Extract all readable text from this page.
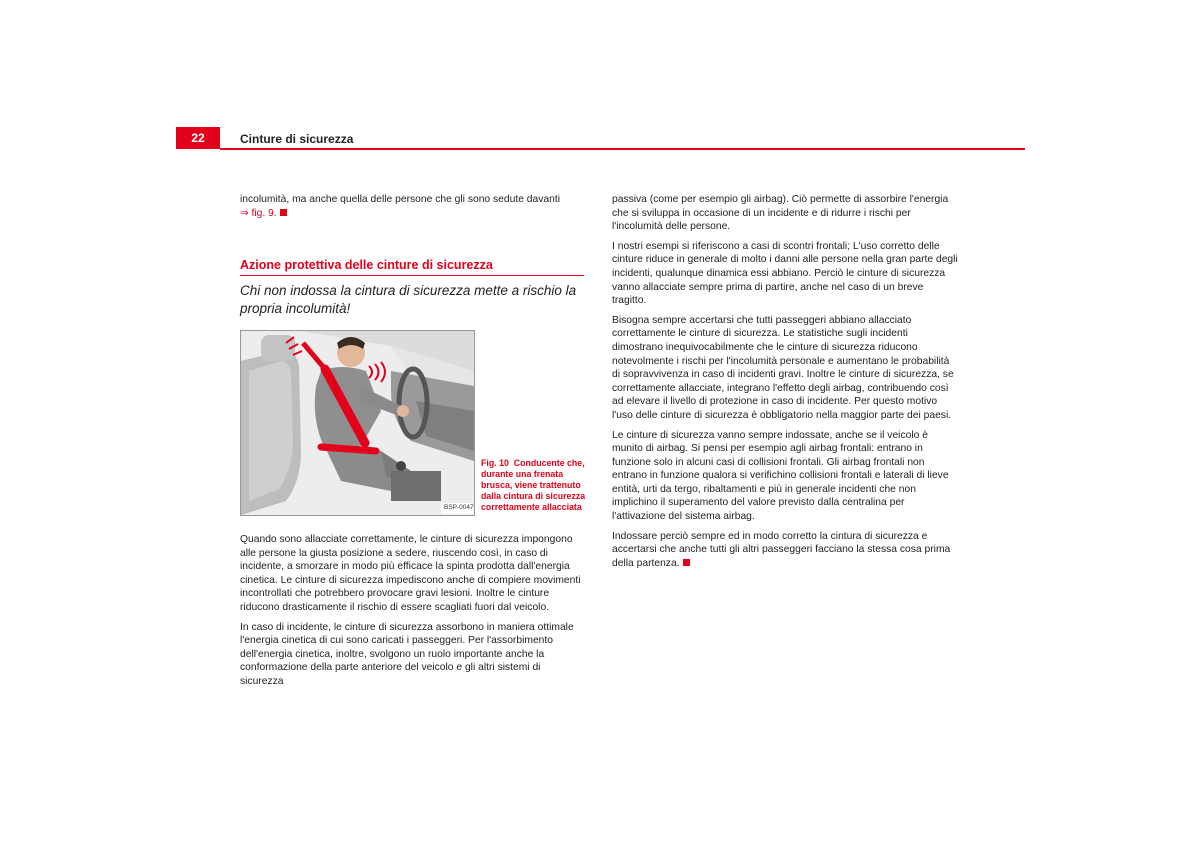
22	Cinture di sicurezza

incolumità, ma anche quella delle persone che gli sono sedute davanti
⇒ fig. 9.

Azione protettiva delle cinture di sicurezza
Chi non indossa la cintura di sicurezza mette a rischio la propria incolumità!
BSP-0047
Fig. 10 Conducente che, durante una frenata brusca, viene trattenuto dalla cintura di sicurezza correttamente allacciata

Quando sono allacciate correttamente, le cinture di sicurezza impongono alle persone la giusta posizione a sedere, riuscendo così, in caso di incidente, a smorzare in modo più efficace la spinta prodotta dall'energia cinetica. Le cinture di sicurezza impediscono anche di compiere movimenti incontrollati che potrebbero provocare gravi lesioni. Inoltre le cinture riducono drasticamente il rischio di essere scagliati fuori dal veicolo.

In caso di incidente, le cinture di sicurezza assorbono in maniera ottimale l'energia cinetica di cui sono caricati i passeggeri. Per l'assorbimento dell'energia cinetica, inoltre, svolgono un ruolo importante anche la conformazione della parte anteriore del veicolo e gli altri sistemi di sicurezza

passiva (come per esempio gli airbag). Ciò permette di assorbire l'energia che si sviluppa in occasione di un incidente e di ridurre i rischi per l'incolumità delle persone.

I nostri esempi si riferiscono a casi di scontri frontali; L'uso corretto delle cinture riduce in generale di molto i danni alle persone nella gran parte degli incidenti, qualunque dinamica essi abbiano. Perciò le cinture di sicurezza vanno allacciate sempre prima di partire, anche nel caso di un breve tragitto.

Bisogna sempre accertarsi che tutti passeggeri abbiano allacciato correttamente le cinture di sicurezza. Le statistiche sugli incidenti dimostrano inequivocabilmente che le cinture di sicurezza riducono notevolmente i rischi per l'incolumità personale e aumentano le probabilità di sopravvivenza in caso di incidenti gravi. Inoltre le cinture di sicurezza, se correttamente allacciate, integrano l'effetto degli airbag, contribuendo così ad elevare il livello di protezione in caso di incidente. Per questo motivo l'uso delle cinture di sicurezza è obbligatorio nella maggior parte dei paesi.

Le cinture di sicurezza vanno sempre indossate, anche se il veicolo è munito di airbag. Si pensi per esempio agli airbag frontali: entrano in funzione solo in alcuni casi di collisioni frontali. Gli airbag frontali non entrano in funzione qualora si verifichino collisioni frontali e laterali di lieve entità, urti da tergo, ribaltamenti e più in generale incidenti che non implichino il superamento del valore previsto dalla centralina per l'attivazione del sistema airbag.

Indossare perciò sempre ed in modo corretto la cintura di sicurezza e accertarsi che anche tutti gli altri passeggeri facciano la stessa cosa prima della partenza.
